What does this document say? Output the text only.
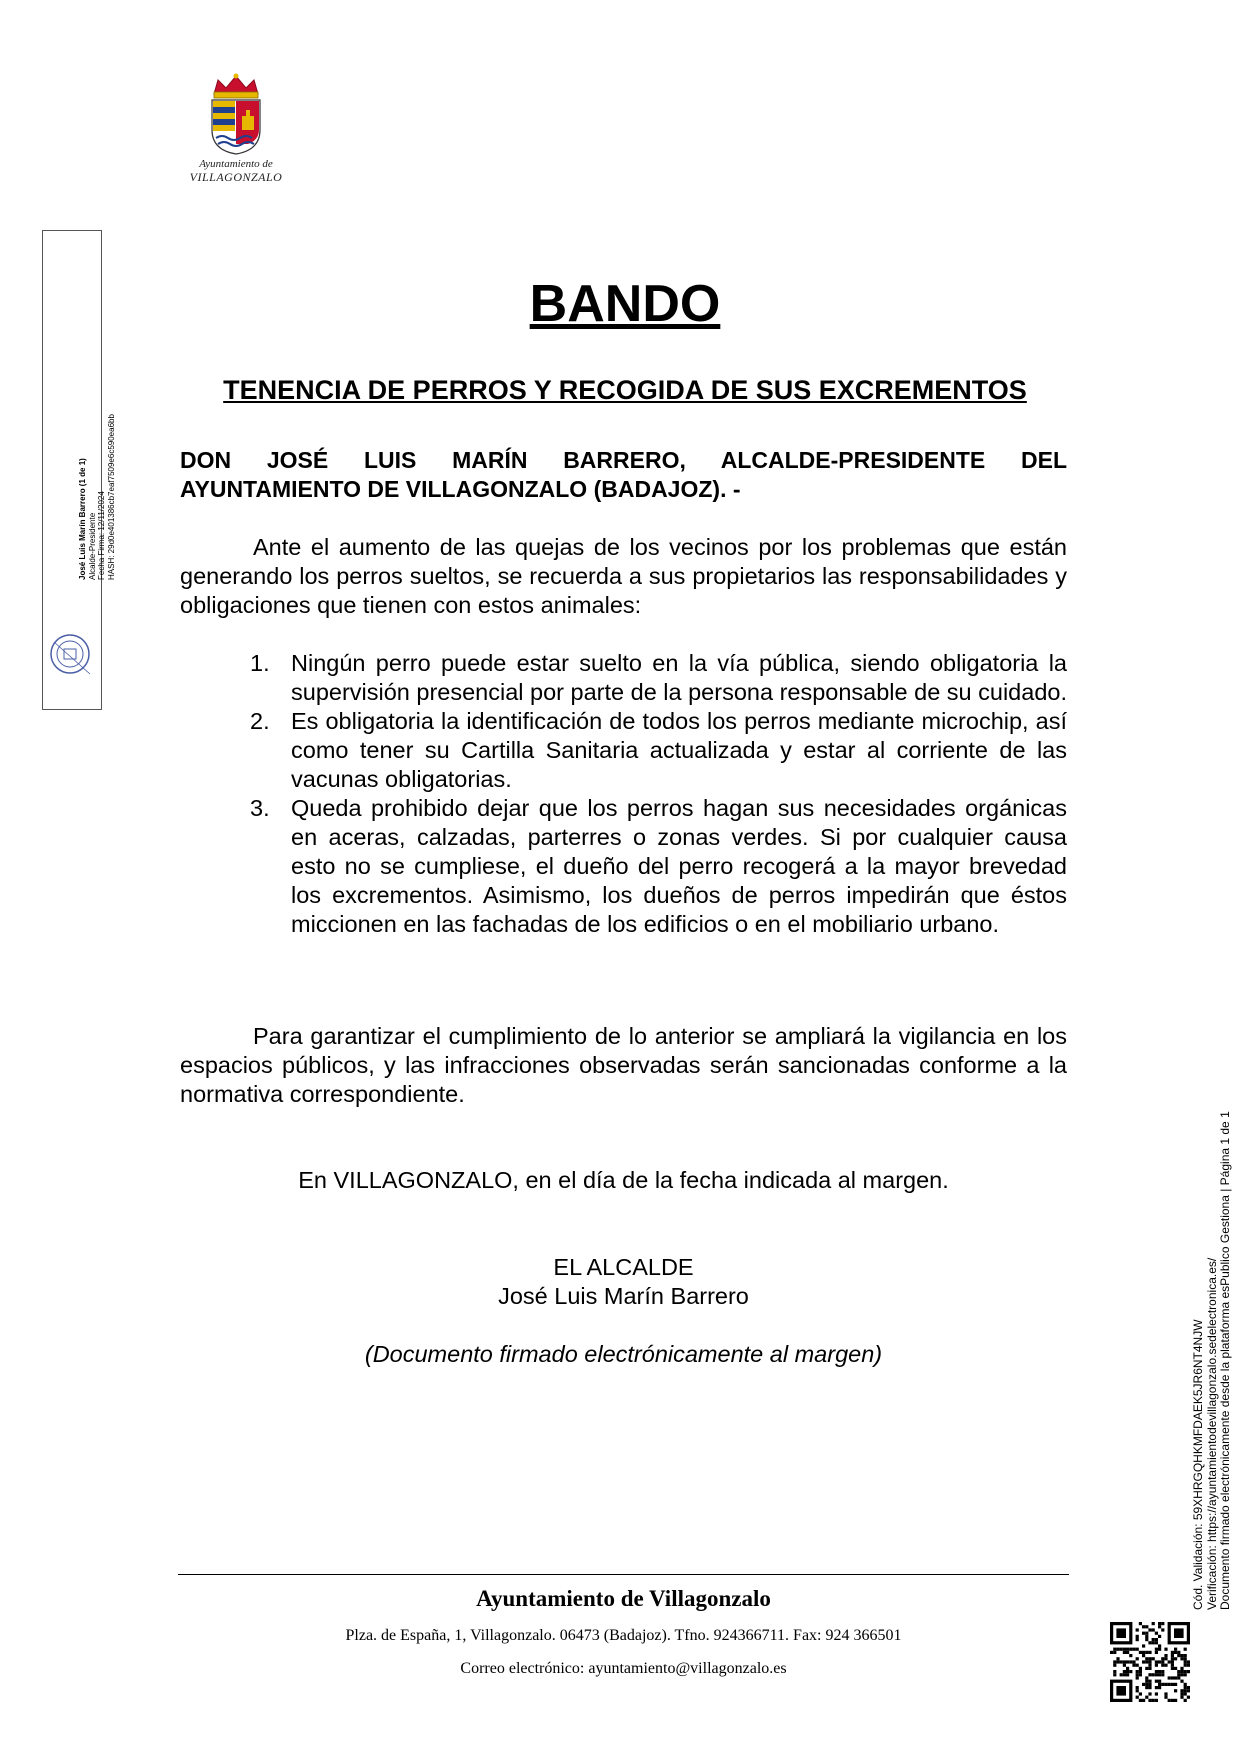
Ayuntamiento de
VILLAGONZALO
José Luis Marín Barrero (1 de 1) Alcalde-Presidente Fecha Firma: 12/11/2024 HASH: 29d0e401386cb7eaf7509e6c590ea6bb
BANDO
TENENCIA DE PERROS Y RECOGIDA DE SUS EXCREMENTOS
DON JOSÉ LUIS MARÍN BARRERO, ALCALDE-PRESIDENTE DEL AYUNTAMIENTO DE VILLAGONZALO (BADAJOZ). -
Ante el aumento de las quejas de los vecinos por los problemas que están generando los perros sueltos, se recuerda a sus propietarios las responsabilidades y obligaciones que tienen con estos animales:
1. Ningún perro puede estar suelto en la vía pública, siendo obligatoria la supervisión presencial por parte de la persona responsable de su cuidado.
2. Es obligatoria la identificación de todos los perros mediante microchip, así como tener su Cartilla Sanitaria actualizada y estar al corriente de las vacunas obligatorias.
3. Queda prohibido dejar que los perros hagan sus necesidades orgánicas en aceras, calzadas, parterres o zonas verdes. Si por cualquier causa esto no se cumpliese, el dueño del perro recogerá a la mayor brevedad los excrementos. Asimismo, los dueños de perros impedirán que éstos miccionen en las fachadas de los edificios o en el mobiliario urbano.
Para garantizar el cumplimiento de lo anterior se ampliará la vigilancia en los espacios públicos, y las infracciones observadas serán sancionadas conforme a la normativa correspondiente.
En VILLAGONZALO, en el día de la fecha indicada al margen.
EL ALCALDE
José Luis Marín Barrero
(Documento firmado electrónicamente al margen)
Ayuntamiento de Villagonzalo
Plza. de España, 1, Villagonzalo. 06473 (Badajoz). Tfno. 924366711. Fax: 924 366501
Correo electrónico: ayuntamiento@villagonzalo.es
Cód. Validación: 59XHRGQHKMFDAEK5JR6NT4NJW Verificación: https://ayuntamientodevillagonzalo.sedelectronica.es/ Documento firmado electrónicamente desde la plataforma esPublico Gestiona | Página 1 de 1
